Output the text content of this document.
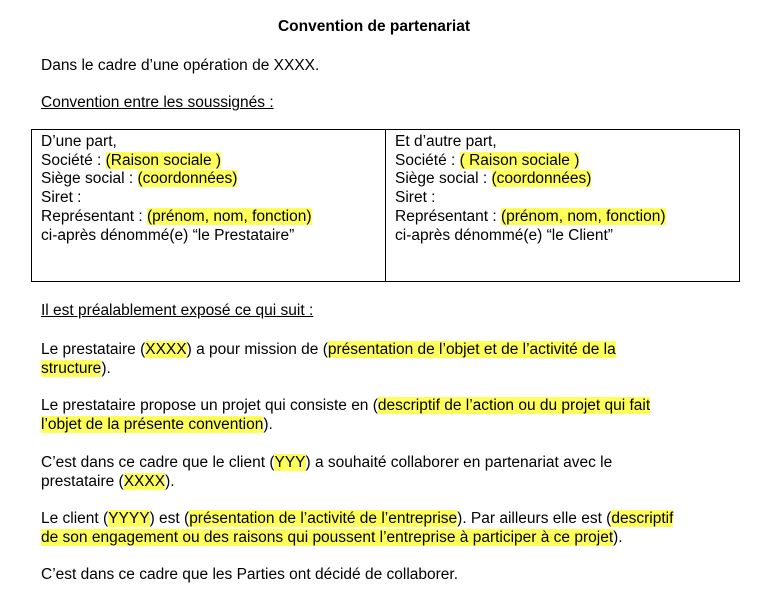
Convention de partenariat
Dans le cadre d’une opération de XXXX.
Convention entre les soussignés :
D’une part,
Société : (Raison sociale )
Siège social : (coordonnées)
Siret :
Représentant : (prénom, nom, fonction)
ci-après dénommé(e) “le Prestataire”

Et d’autre part,
Société : ( Raison sociale )
Siège social : (coordonnées)
Siret :
Représentant : (prénom, nom, fonction)
ci-après dénommé(e) “le Client”
Il est préalablement exposé ce qui suit :
Le prestataire (XXXX) a pour mission de (présentation de l’objet et de l’activité de la
structure).
Le prestataire propose un projet qui consiste en (descriptif de l’action ou du projet qui fait
l’objet de la présente convention).
C’est dans ce cadre que le client (YYY) a souhaité collaborer en partenariat avec le
prestataire (XXXX).
Le client (YYYY) est (présentation de l’activité de l’entreprise). Par ailleurs elle est (descriptif
de son engagement ou des raisons qui poussent l’entreprise à participer à ce projet).
C’est dans ce cadre que les Parties ont décidé de collaborer.
